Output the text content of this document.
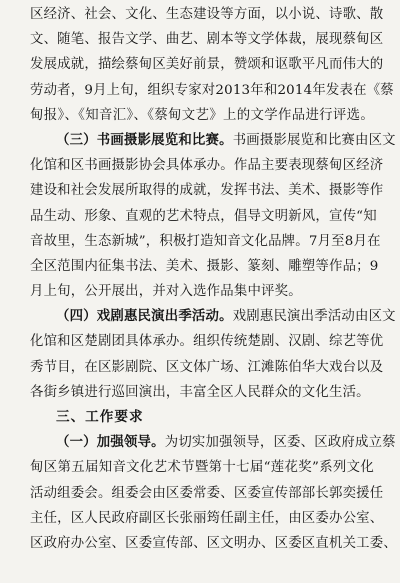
区经济、社会、文化、生态建设等方面，以小说、诗歌、散
文、随笔、报告文学、曲艺、剧本等文学体裁，展现蔡甸区
发展成就，描绘蔡甸区美好前景，赞颂和讴歌平凡而伟大的
劳动者，9月上旬，组织专家对2013年和2014年发表在《蔡
甸报》、《知音汇》、《蔡甸文艺》上的文学作品进行评选。
（三）书画摄影展览和比赛。书画摄影展览和比赛由区文
化馆和区书画摄影协会具体承办。作品主要表现蔡甸区经济
建设和社会发展所取得的成就，发挥书法、美术、摄影等作
品生动、形象、直观的艺术特点，倡导文明新风，宣传“知
音故里，生态新城”，积极打造知音文化品牌。7月至8月在
全区范围内征集书法、美术、摄影、篆刻、雕塑等作品；9
月上旬，公开展出，并对入选作品集中评奖。
（四）戏剧惠民演出季活动。戏剧惠民演出季活动由区文
化馆和区楚剧团具体承办。组织传统楚剧、汉剧、综艺等优
秀节目，在区影剧院、区文体广场、江滩陈伯华大戏台以及
各街乡镇进行巡回演出，丰富全区人民群众的文化生活。
三、工作要求
（一）加强领导。为切实加强领导，区委、区政府成立蔡
甸区第五届知音文化艺术节暨第十七届“莲花奖”系列文化
活动组委会。组委会由区委常委、区委宣传部部长郭奕援任
主任，区人民政府副区长张丽筠任副主任，由区委办公室、
区政府办公室、区委宣传部、区文明办、区委区直机关工委、
